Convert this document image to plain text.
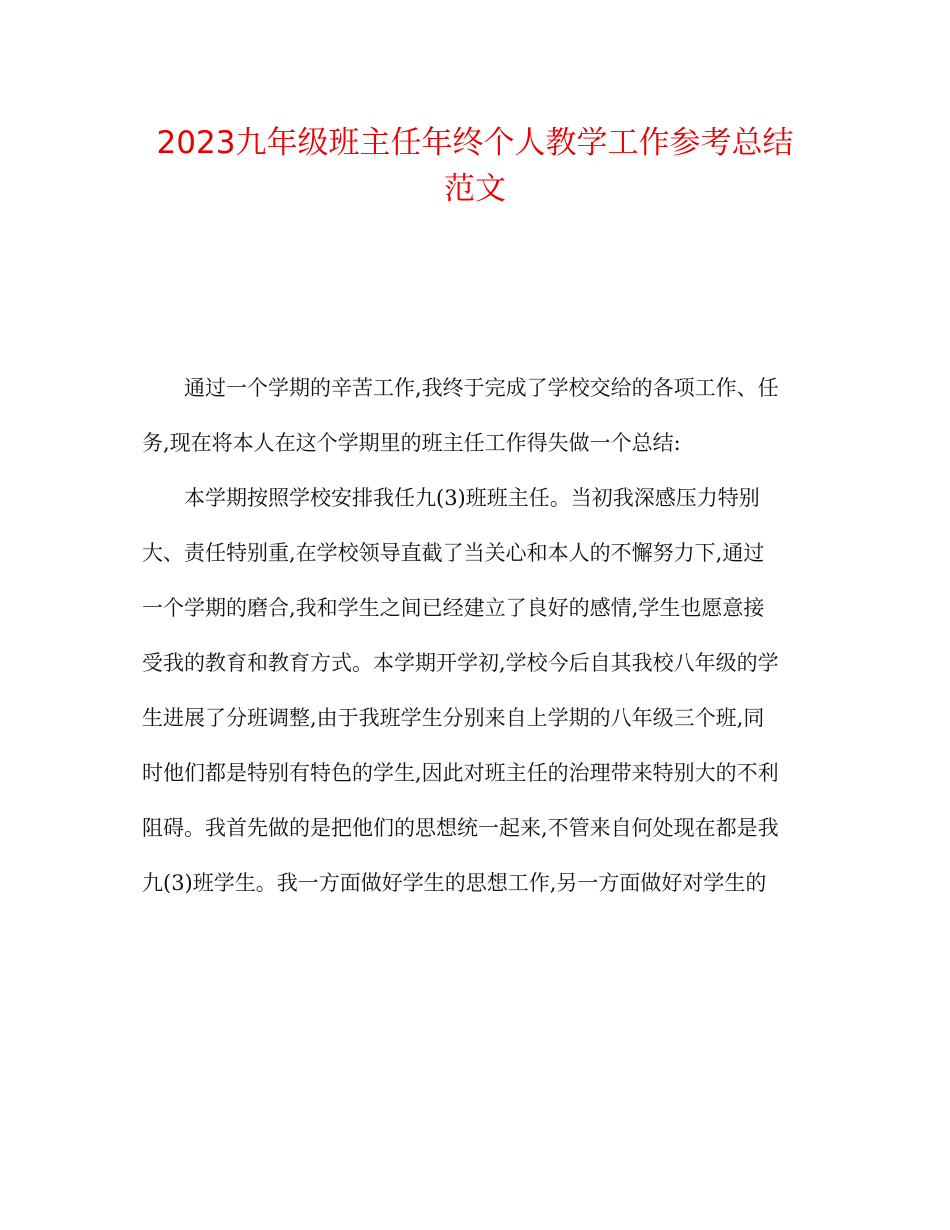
2023九年级班主任年终个人教学工作参考总结
范文
通过一个学期的辛苦工作,我终于完成了学校交给的各项工作、任
务,现在将本人在这个学期里的班主任工作得失做一个总结:
本学期按照学校安排我任九(3)班班主任。当初我深感压力特别
大、责任特别重,在学校领导直截了当关心和本人的不懈努力下,通过
一个学期的磨合,我和学生之间已经建立了良好的感情,学生也愿意接
受我的教育和教育方式。本学期开学初,学校今后自其我校八年级的学
生进展了分班调整,由于我班学生分别来自上学期的八年级三个班,同
时他们都是特别有特色的学生,因此对班主任的治理带来特别大的不利
阻碍。我首先做的是把他们的思想统一起来,不管来自何处现在都是我
九(3)班学生。我一方面做好学生的思想工作,另一方面做好对学生的
